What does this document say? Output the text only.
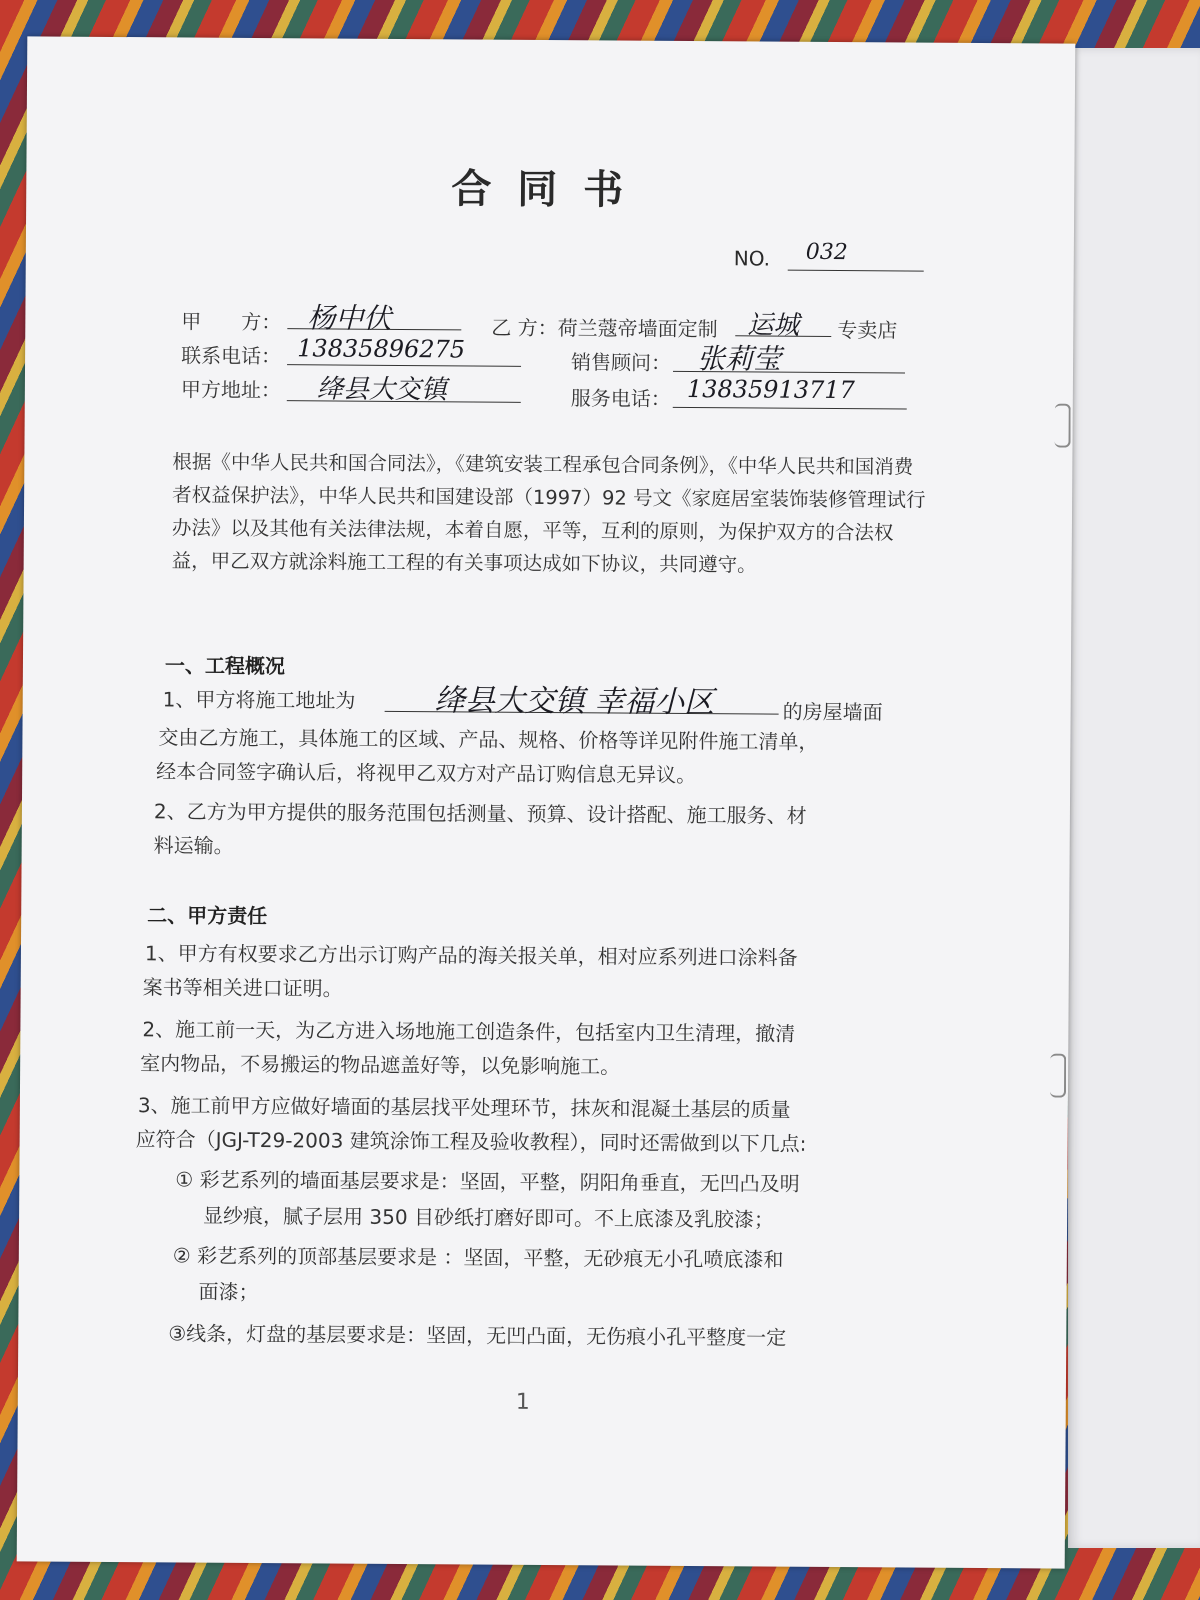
合同书
NO. 032
甲　　方： 杨中伏	乙 方：荷兰蔻帝墙面定制 运城 专卖店
联系电话： 13835896275	销售顾问： 张莉莹
甲方地址： 绛县大交镇	服务电话： 13835913717
根据《中华人民共和国合同法》，《建筑安装工程承包合同条例》，《中华人民共和国消费者权益保护法》，中华人民共和国建设部（1997）92 号文《家庭居室装饰装修管理试行办法》以及其他有关法律法规，本着自愿，平等，互利的原则，为保护双方的合法权益，甲乙双方就涂料施工工程的有关事项达成如下协议，共同遵守。
一、工程概况
1、甲方将施工地址为	绛县大交镇 幸福小区	的房屋墙面
交由乙方施工，具体施工的区域、产品、规格、价格等详见附件施工清单，
经本合同签字确认后，将视甲乙双方对产品订购信息无异议。
2、乙方为甲方提供的服务范围包括测量、预算、设计搭配、施工服务、材
料运输。
二、甲方责任
1、甲方有权要求乙方出示订购产品的海关报关单，相对应系列进口涂料备
案书等相关进口证明。
2、施工前一天，为乙方进入场地施工创造条件，包括室内卫生清理，撤清
室内物品，不易搬运的物品遮盖好等，以免影响施工。
3、施工前甲方应做好墙面的基层找平处理环节，抹灰和混凝土基层的质量
应符合（JGJ-T29-2003 建筑涂饰工程及验收教程），同时还需做到以下几点:
① 彩艺系列的墙面基层要求是：坚固，平整，阴阳角垂直，无凹凸及明
显纱痕，腻子层用 350 目砂纸打磨好即可。不上底漆及乳胶漆；
② 彩艺系列的顶部基层要求是 ：坚固，平整，无砂痕无小孔喷底漆和
面漆；
③线条，灯盘的基层要求是：坚固，无凹凸面，无伤痕小孔平整度一定
1
